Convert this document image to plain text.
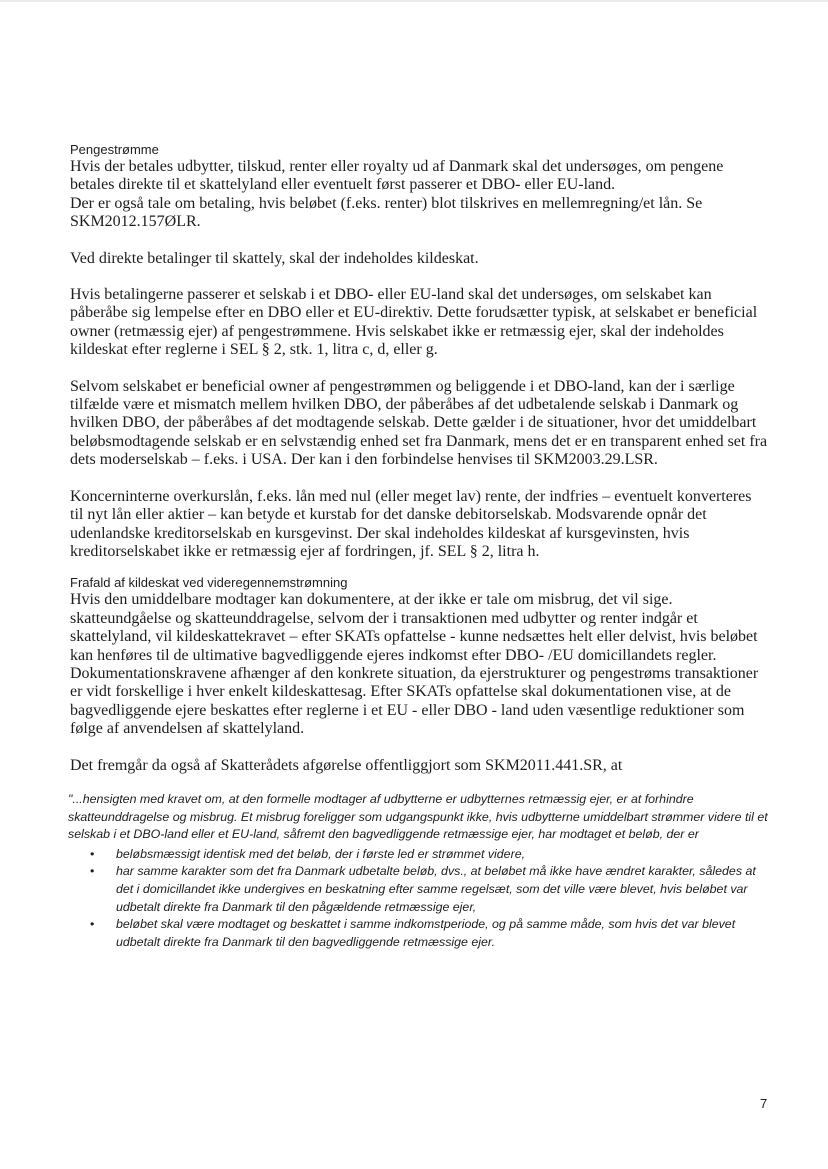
Pengestrømme
Hvis der betales udbytter, tilskud, renter eller royalty ud af Danmark skal det undersøges, om pengene betales direkte til et skattelyland eller eventuelt først passerer et DBO- eller EU-land.
Der er også tale om betaling, hvis beløbet (f.eks. renter) blot tilskrives en mellemregning/et lån. Se SKM2012.157ØLR.
Ved direkte betalinger til skattely, skal der indeholdes kildeskat.
Hvis betalingerne passerer et selskab i et DBO- eller EU-land skal det undersøges, om selskabet kan påberåbe sig lempelse efter en DBO eller et EU-direktiv. Dette forudsætter typisk, at selskabet er beneficial owner (retmæssig ejer) af pengestrømmene. Hvis selskabet ikke er retmæssig ejer, skal der indeholdes kildeskat efter reglerne i SEL § 2, stk. 1, litra c, d, eller g.
Selvom selskabet er beneficial owner af pengestrømmen og beliggende i et DBO-land, kan der i særlige tilfælde være et mismatch mellem hvilken DBO, der påberåbes af det udbetalende selskab i Danmark og hvilken DBO, der påberåbes af det modtagende selskab. Dette gælder i de situationer, hvor det umiddelbart beløbsmodtagende selskab er en selvstændig enhed set fra Danmark, mens det er en transparent enhed set fra dets moderselskab – f.eks. i USA. Der kan i den forbindelse henvises til SKM2003.29.LSR.
Koncerninterne overkurslån, f.eks. lån med nul (eller meget lav) rente, der indfries – eventuelt konverteres til nyt lån eller aktier – kan betyde et kurstab for det danske debitorselskab. Modsvarende opnår det udenlandske kreditorselskab en kursgevinst. Der skal indeholdes kildeskat af kursgevinsten, hvis kreditorselskabet ikke er retmæssig ejer af fordringen, jf. SEL § 2, litra h.
Frafald af kildeskat ved videregennemstrømning
Hvis den umiddelbare modtager kan dokumentere, at der ikke er tale om misbrug, det vil sige. skatteundgåelse og skatteunddragelse, selvom der i transaktionen med udbytter og renter indgår et skattelyland, vil kildeskattekravet – efter SKATs opfattelse - kunne nedsættes helt eller delvist, hvis beløbet kan henføres til de ultimative bagvedliggende ejeres indkomst efter DBO- /EU domicillandets regler.
Dokumentationskravene afhænger af den konkrete situation, da ejerstrukturer og pengestrøms transaktioner er vidt forskellige i hver enkelt kildeskattesag. Efter SKATs opfattelse skal dokumentationen vise, at de bagvedliggende ejere beskattes efter reglerne i et EU - eller DBO - land uden væsentlige reduktioner som følge af anvendelsen af skattelyland.
Det fremgår da også af Skatterådets afgørelse offentliggjort som SKM2011.441.SR, at
"...hensigten med kravet om, at den formelle modtager af udbytterne er udbytternes retmæssig ejer, er at forhindre skatteunddragelse og misbrug. Et misbrug foreligger som udgangspunkt ikke, hvis udbytterne umiddelbart strømmer videre til et selskab i et DBO-land eller et EU-land, såfremt den bagvedliggende retmæssige ejer, har modtaget et beløb, der er
• beløbsmæssigt identisk med det beløb, der i første led er strømmet videre,
• har samme karakter som det fra Danmark udbetalte beløb, dvs., at beløbet må ikke have ændret karakter, således at det i domicillandet ikke undergives en beskatning efter samme regelsæt, som det ville være blevet, hvis beløbet var udbetalt direkte fra Danmark til den pågældende retmæssige ejer,
• beløbet skal være modtaget og beskattet i samme indkomstperiode, og på samme måde, som hvis det var blevet udbetalt direkte fra Danmark til den bagvedliggende retmæssige ejer.
7
